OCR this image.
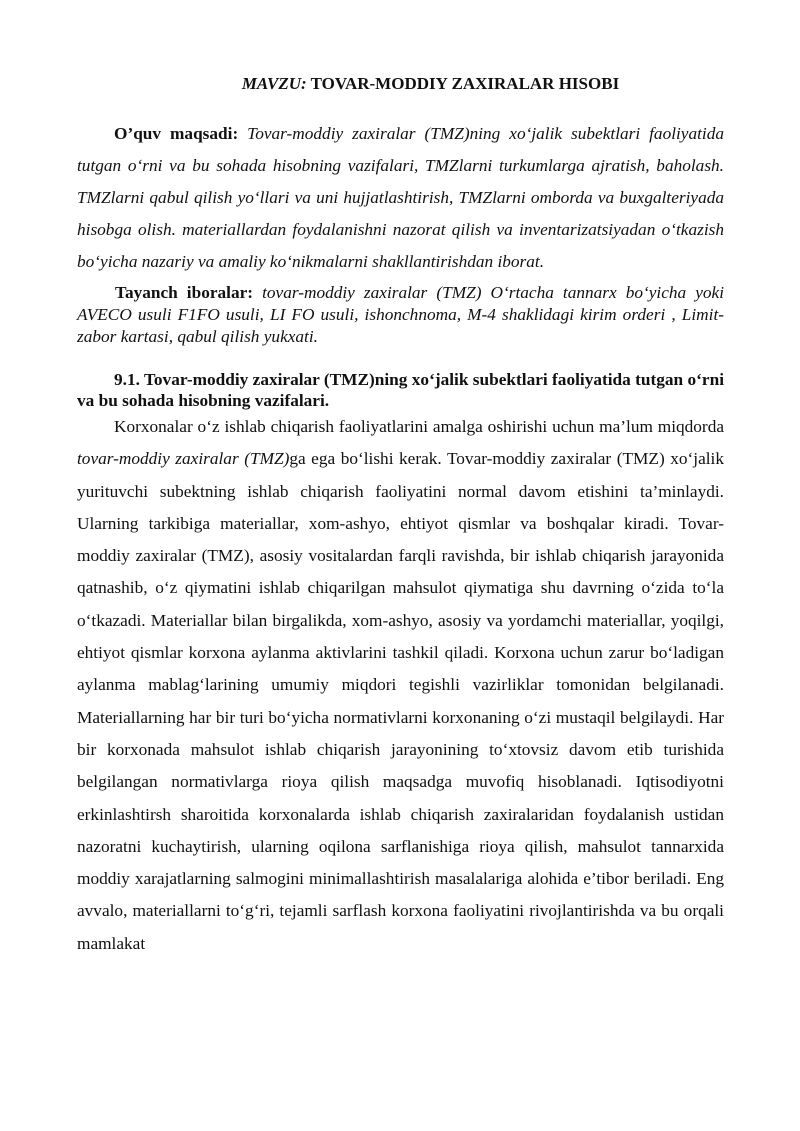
MAVZU: TOVAR-MODDIY ZAXIRALAR HISOBI

O’quv maqsadi: Tovar-moddiy zaxiralar (TMZ)ning xo‘jalik subektlari faoliyatida tutgan o‘rni va bu sohada hisobning vazifalari, TMZlarni turkumlarga ajratish, baholash. TMZlarni qabul qilish yo‘llari va uni hujjatlashtirish, TMZlarni omborda va buxgalteriyada hisobga olish. materiallardan foydalanishni nazorat qilish va inventarizatsiyadan o‘tkazish bo‘yicha nazariy va amaliy ko‘nikmalarni shakllantirishdan iborat.

Tayanch iboralar: tovar-moddiy zaxiralar (TMZ) O‘rtacha tannarx bo‘yicha yoki AVECO usuli F1FO usuli, LI FO usuli, ishonchnoma, M-4 shaklidagi kirim orderi , Limit-zabor kartasi, qabul qilish yukxati.

9.1. Tovar-moddiy zaxiralar (TMZ)ning xo‘jalik subektlari faoliyatida tutgan o‘rni va bu sohada hisobning vazifalari.

Korxonalar o‘z ishlab chiqarish faoliyatlarini amalga oshirishi uchun ma’lum miqdorda tovar-moddiy zaxiralar (TMZ)ga ega bo‘lishi kerak. Tovar-moddiy zaxiralar (TMZ) xo‘jalik yurituvchi subektning ishlab chiqarish faoliyatini normal davom etishini ta’minlaydi. Ularning tarkibiga materiallar, xom-ashyo, ehtiyot qismlar va boshqalar kiradi. Tovar-moddiy zaxiralar (TMZ), asosiy vositalardan farqli ravishda, bir ishlab chiqarish jarayonida qatnashib, o‘z qiymatini ishlab chiqarilgan mahsulot qiymatiga shu davrning o‘zida to‘la o‘tkazadi. Materiallar bilan birgalikda, xom-ashyo, asosiy va yordamchi materiallar, yoqilgi, ehtiyot qismlar korxona aylanma aktivlarini tashkil qiladi. Korxona uchun zarur bo‘ladigan aylanma mablag‘larining umumiy miqdori tegishli vazirliklar tomonidan belgilanadi. Materiallarning har bir turi bo‘yicha normativlarni korxonaning o‘zi mustaqil belgilaydi. Har bir korxonada mahsulot ishlab chiqarish jarayonining to‘xtovsiz davom etib turishida belgilangan normativlarga rioya qilish maqsadga muvofiq hisoblanadi. Iqtisodiyotni erkinlashtirsh sharoitida korxonalarda ishlab chiqarish zaxiralaridan foydalanish ustidan nazoratni kuchaytirish, ularning oqilona sarflanishiga rioya qilish, mahsulot tannarxida moddiy xarajatlarning salmogini minimallashtirish masalalariga alohida e’tibor beriladi. Eng avvalo, materiallarni to‘g‘ri, tejamli sarflash korxona faoliyatini rivojlantirishda va bu orqali mamlakat
